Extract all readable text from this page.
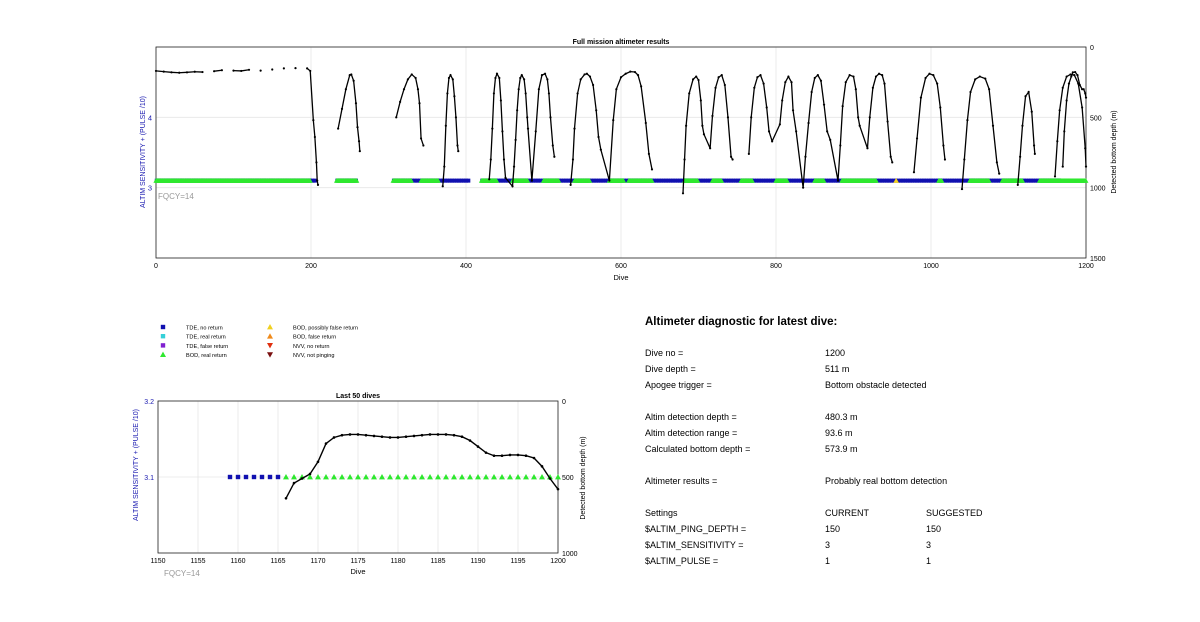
0	200	400	600	800	1000	1200
4
3
0
500
1000
1500
Full mission altimeter results
Dive
ALTIM SENSITIVITY + (PULSE /10)	Detected bottom depth (m)
FQCY=14
TDE, no return
TDE, real return
TDE, false return
BOD, real return
BOD, possibly false return
BOD, false return
NVV, no return
NVV, not pinging
1150	1155	1160	1165	1170	1175	1180	1185	1190	1195	1200
3.2
3.1
0
500
1000
Last 50 dives
Dive
ALTIM SENSITIVITY + (PULSE /10)	Detected bottom depth (m)
FQCY=14
Altimeter diagnostic for latest dive:
Dive no =	1200
Dive depth =	511 m
Apogee trigger =	Bottom obstacle detected
Altim detection depth =	480.3 m
Altim detection range =	93.6 m
Calculated bottom depth =	573.9 m
Altimeter results =	Probably real bottom detection
Settings	CURRENT	SUGGESTED
$ALTIM_PING_DEPTH =	150	150
$ALTIM_SENSITIVITY =	3	3
$ALTIM_PULSE =	1	1
